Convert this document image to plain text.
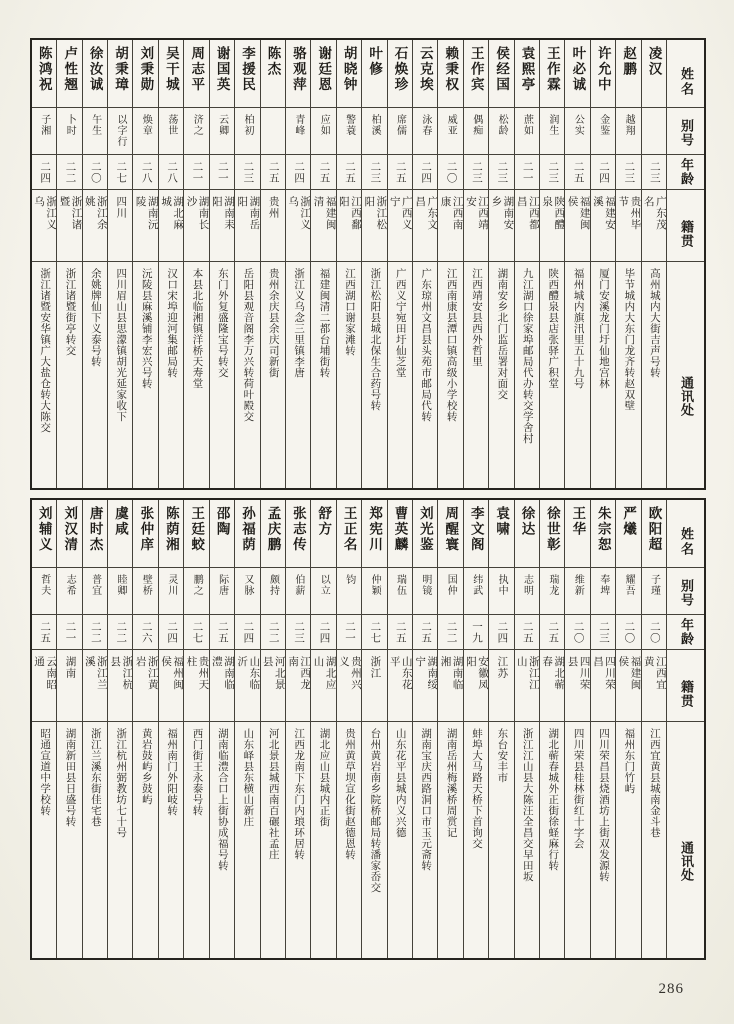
姓名
别号
年龄
籍贯
通讯处
凌汉
二三
广东茂名
高州城内大街吉声号转
赵鹏
越翔
二三
贵州毕节
毕节城内大东门龙齐转赵双壁
许允中
金鉴
二四
福建安溪
厦门安溪龙门圩仙地宫林
叶必诚
公实
二五
福建闽侯
福州城内旗汛里五十九号
王作霖
润生
二三
陕西醴泉
陕西醴泉县店张驿广积堂
袁熙亭
蔗如
二一
江西都昌
九江湖口徐家埠邮局代办转交学舍村
侯经国
松龄
二三
湖南安乡
湖南安乡北门监岳署对面交
王作宾
偶痴
二三
江西靖安
江西靖安县西外哲里
赖秉权
威亚
二〇
江西南康
江西南康县潭口镇高级小学校转
云克埃
泳春
二四
广东文昌
广东琼州文昌县头苑市邮局代转
石焕珍
席儒
二五
广西义宁
广西义宁宛田圩仙芝堂
叶修
柏溪
二三
浙江松阳
浙江松阳县城北保生合药号转
胡晓钟
警蓑
二五
江西鄱阳
江西湖口谢家滩转
谢廷恩
应如
二五
福建闽清
福建闽清二都台埔街转
骆观萍
青峰
二四
浙江义乌
浙江义乌念三里镇李唐
陈杰
二五
贵州
贵州余庆县余庆司新街
李援民
柏初
二三
湖南岳阳
岳阳县观音阁李万兴转荷叶殿交
谢国英
云卿
二一
湖南耒阳
东门外复盛隆宝号转交
周志平
济之
二一
湖南长沙
本县北临湘镇洋桥天寿堂
吴干城
荡世
二八
湖北麻城
汉口宋埠迎河集邮局转
刘秉勋
焕章
二八
湖南沅陵
沅陵县麻溪铺李宏兴号转
胡秉璋
以字行
二七
四川
四川眉山县思濛镇胡光延家收下
徐汝诚
午生
二〇
浙江余姚
余姚牌仙下义泰号转
卢性翘
卜时
二二
浙江诸暨
浙江诸暨街亭转交
陈鸿祝
子湘
二四
浙江义乌
浙江诸暨安华镇广大盐仓转大陈交
姓名
别号
年龄
籍贯
通讯处
欧阳超
子瑾
二〇
江西宜黄
江西宜黄县城南金斗巷
严爔
耀吾
二〇
福建闽侯
福州东门竹屿
朱宗恕
奉埤
二三
四川荣昌
四川荣昌县烧酒坊上街双发源转
王华
维新
二〇
四川荣县
四川荣县桂林街红十字会
徐世彰
瑞龙
二五
湖北蕲春
湖北蕲春城外正街徐蛏麻行转
徐达
志明
二五
浙江江山
浙江江山县大陈汪全昌交早田坂
袁啸
执中
二四
江苏
东台安丰市
李文阁
纬武
一九
安徽凤阳
蚌埠大马路天桥下首询交
周醒寰
国仲
二二
湖南临湘
湖南岳州梅溪桥周赏记
刘光鉴
明镜
二五
湖南绥宁
湖南宝庆西路洞口市玉元斋转
曹英麟
瑞伍
二五
山东花平
山东花平县城内义兴德
郑宪川
仲颖
二七
浙江
台州黄岩南乡院桥邮局转潘家岙交
王正名
钧
二一
贵州兴义
贵州黄草坝宣化街赵德恩转
舒方
以立
二四
湖北应山
湖北应山县城内正街
张志传
伯薪
二三
江西龙南
江西龙南下东门内琅环居转
孟庆鹏
颇持
二二
河北景县
河北景县城西南百碾社孟庄
孙福荫
又脉
二四
山东临沂
山东峄县东横山新庄
邵陶
际唐
二五
湖南临澧
湖南临澧合口上街协成福号转
王廷蛟
鹏之
二七
贵州天柱
西门街王永泰号转
陈荫湘
灵川
二四
福州闽侯
福州南门外阳岐转
张仲庠
壁桥
二六
浙江黄岩
黄岩鼓屿乡鼓屿
虞咸
睦卿
二二
浙江杭县
浙江杭州弼教坊七十号
唐时杰
普宜
二二
浙江兰溪
浙江兰溪东街佳宅巷
刘汉清
志希
二一
湖南
湖南新田县日盛号转
刘辅义
哲夫
二五
云南昭通
昭通宣道中学校转
286
